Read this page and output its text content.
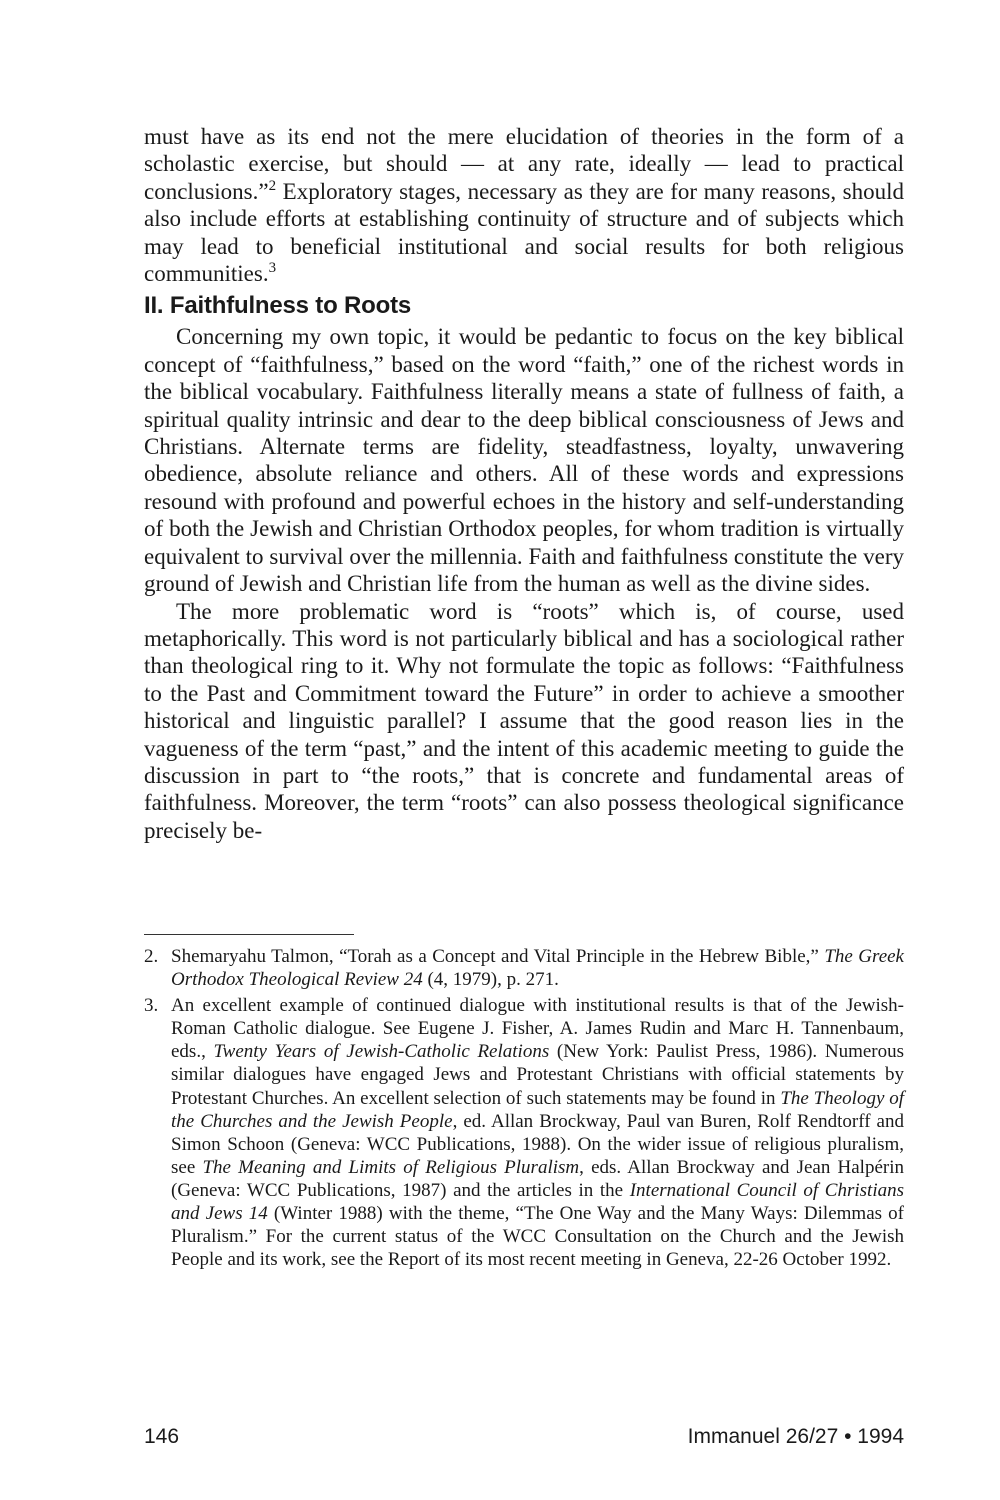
must have as its end not the mere elucidation of theories in the form of a scholastic exercise, but should — at any rate, ideally — lead to practical conclusions.”$^2$ Exploratory stages, necessary as they are for many reasons, should also include efforts at establishing continuity of structure and of subjects which may lead to beneficial institutional and social results for both religious communities.$^3$

II. Faithfulness to Roots

Concerning my own topic, it would be pedantic to focus on the key biblical concept of “faithfulness,” based on the word “faith,” one of the richest words in the biblical vocabulary. Faithfulness literally means a state of fullness of faith, a spiritual quality intrinsic and dear to the deep biblical consciousness of Jews and Christians. Alternate terms are fidelity, steadfastness, loyalty, unwavering obedience, absolute reliance and others. All of these words and expressions resound with profound and powerful echoes in the history and self-understanding of both the Jewish and Christian Orthodox peoples, for whom tradition is virtually equivalent to survival over the millennia. Faith and faithfulness constitute the very ground of Jewish and Christian life from the human as well as the divine sides.

The more problematic word is “roots” which is, of course, used metaphorically. This word is not particularly biblical and has a sociological rather than theological ring to it. Why not formulate the topic as follows: “Faithfulness to the Past and Commitment toward the Future” in order to achieve a smoother historical and linguistic parallel? I assume that the good reason lies in the vagueness of the term “past,” and the intent of this academic meeting to guide the discussion in part to “the roots,” that is concrete and fundamental areas of faithfulness. Moreover, the term “roots” can also possess theological significance precisely be-

2. Shemaryahu Talmon, “Torah as a Concept and Vital Principle in the Hebrew Bible,” The Greek Orthodox Theological Review 24 (4, 1979), p. 271.
3. An excellent example of continued dialogue with institutional results is that of the Jewish-Roman Catholic dialogue. See Eugene J. Fisher, A. James Rudin and Marc H. Tannenbaum, eds., Twenty Years of Jewish-Catholic Relations (New York: Paulist Press, 1986). Numerous similar dialogues have engaged Jews and Protestant Christians with official statements by Protestant Churches. An excellent selection of such statements may be found in The Theology of the Churches and the Jewish People, ed. Allan Brockway, Paul van Buren, Rolf Rendtorff and Simon Schoon (Geneva: WCC Publications, 1988). On the wider issue of religious pluralism, see The Meaning and Limits of Religious Pluralism, eds. Allan Brockway and Jean Halpérin (Geneva: WCC Publications, 1987) and the articles in the International Council of Christians and Jews 14 (Winter 1988) with the theme, “The One Way and the Many Ways: Dilemmas of Pluralism.” For the current status of the WCC Consultation on the Church and the Jewish People and its work, see the Report of its most recent meeting in Geneva, 22-26 October 1992.
146	Immanuel 26/27 • 1994
